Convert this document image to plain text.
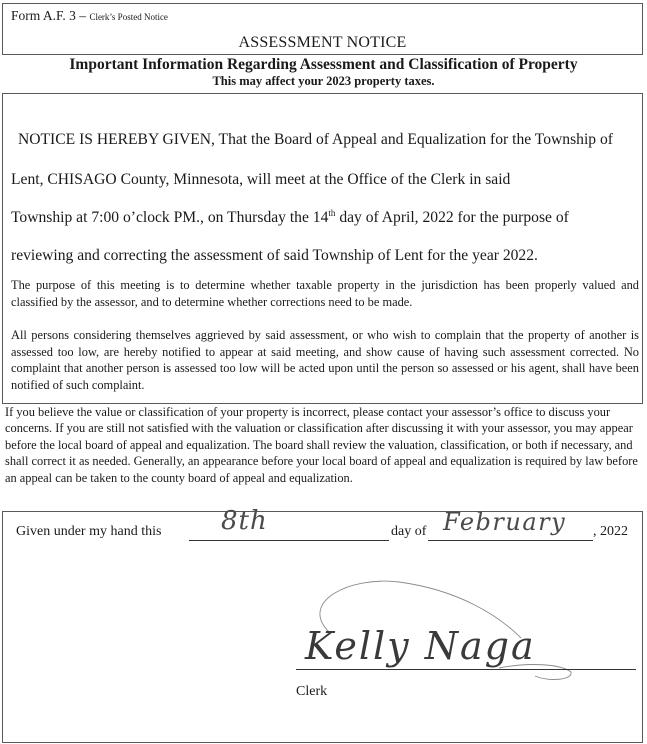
Form A.F. 3 – Clerk’s Posted Notice
ASSESSMENT NOTICE
Important Information Regarding Assessment and Classification of Property
This may affect your 2023 property taxes.
NOTICE IS HEREBY GIVEN, That the Board of Appeal and Equalization for the Township of
Lent, CHISAGO County, Minnesota, will meet at the Office of the Clerk in said
Township at 7:00 o’clock PM., on Thursday the 14th day of April, 2022 for the purpose of
reviewing and correcting the assessment of said Township of Lent for the year 2022.
The purpose of this meeting is to determine whether taxable property in the jurisdiction has been properly valued and classified by the assessor, and to determine whether corrections need to be made.
All persons considering themselves aggrieved by said assessment, or who wish to complain that the property of another is assessed too low, are hereby notified to appear at said meeting, and show cause of having such assessment corrected. No complaint that another person is assessed too low will be acted upon until the person so assessed or his agent, shall have been notified of such complaint.
If you believe the value or classification of your property is incorrect, please contact your assessor’s office to discuss your concerns. If you are still not satisfied with the valuation or classification after discussing it with your assessor, you may appear before the local board of appeal and equalization. The board shall review the valuation, classification, or both if necessary, and shall correct it as needed. Generally, an appearance before your local board of appeal and equalization is required by law before an appeal can be taken to the county board of appeal and equalization.
Given under my hand this 8th	day of February , 2022
Kelly Naga
Clerk
